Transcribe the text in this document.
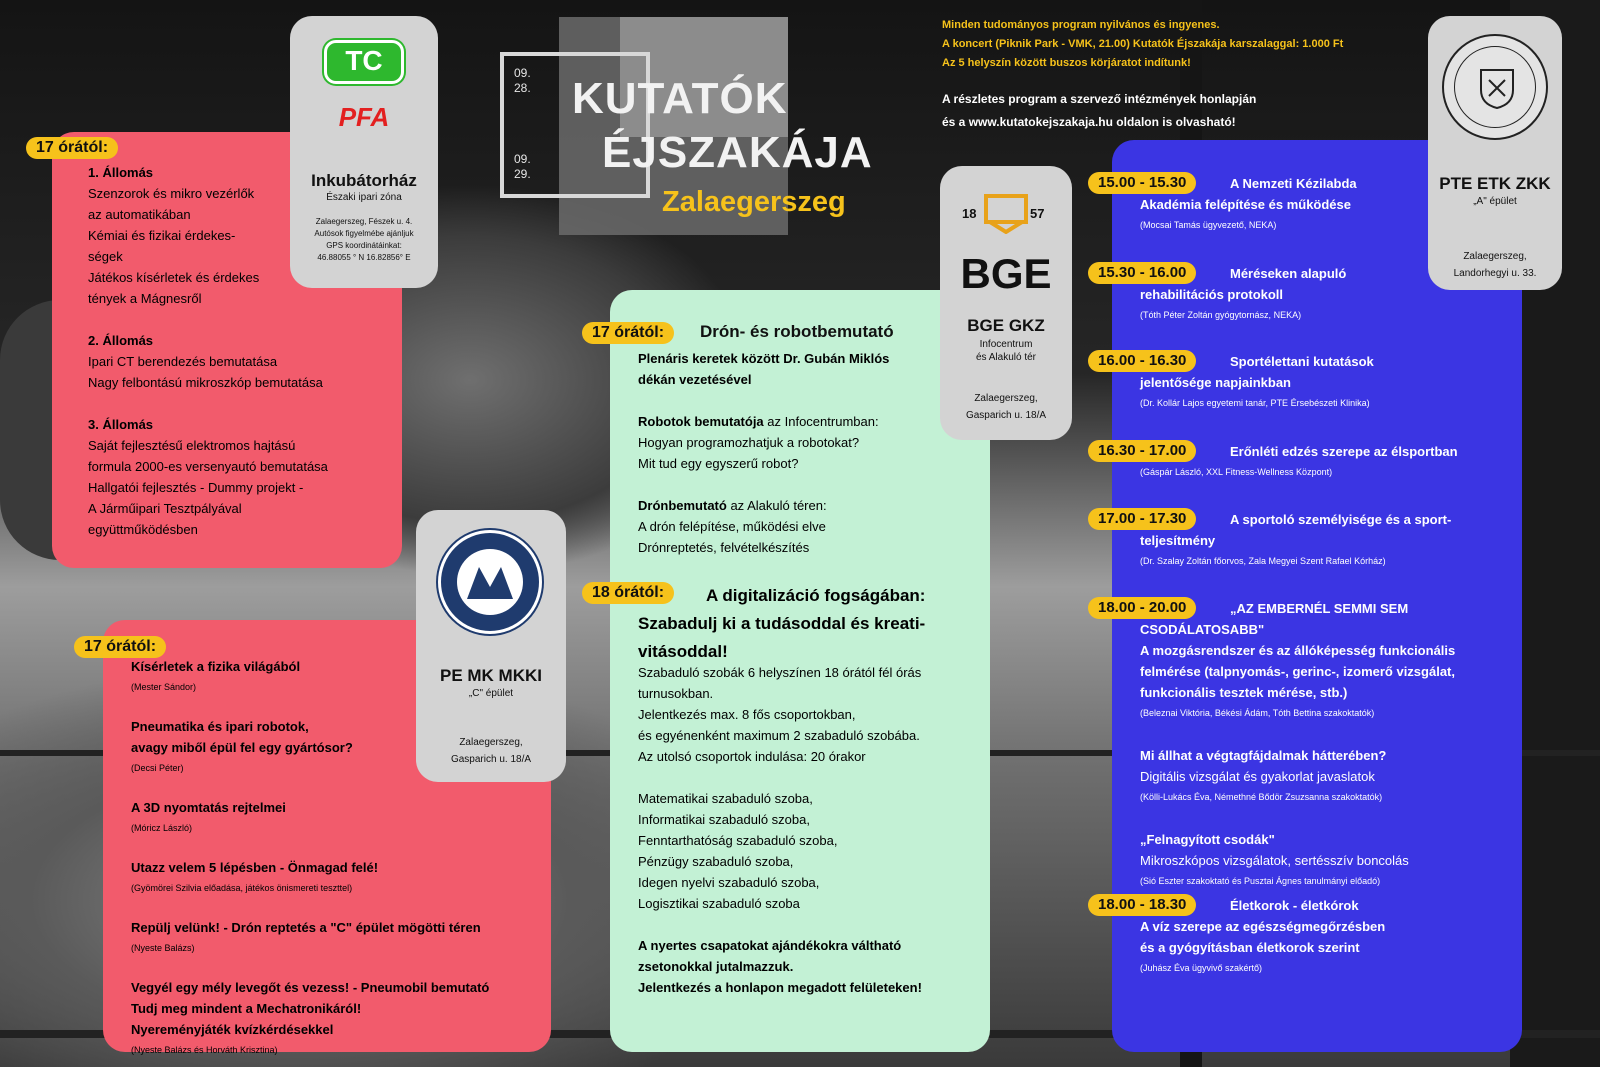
09.
28.
09.
29.
KUTATÓK
ÉJSZAKÁJA
Zalaegerszeg
Minden tudományos program nyilvános és ingyenes.
A koncert (Piknik Park - VMK, 21.00) Kutatók Éjszakája karszalaggal: 1.000 Ft
Az 5 helyszín között buszos körjáratot indítunk!
A részletes program a szervező intézmények honlapján
és a www.kutatokejszakaja.hu oldalon is olvasható!
17 órától:
1. Állomás
Szenzorok és mikro vezérlők
az automatikában
Kémiai és fizikai érdekes-
ségek
Játékos kísérletek és érdekes
tények a Mágnesről
2. Állomás
Ipari CT berendezés bemutatása
Nagy felbontású mikroszkóp bemutatása
3. Állomás
Saját fejlesztésű elektromos hajtású
formula 2000-es versenyautó bemutatása
Hallgatói fejlesztés - Dummy projekt -
A Járműipari Tesztpályával
együttműködésben
TC
PFA
Inkubátorház
Északi ipari zóna
Zalaegerszeg, Fészek u. 4.
Autósok figyelmébe ajánljuk
GPS koordinátáinkat:
46.88055 ° N 16.82856° E
17 órától:
Kísérletek a fizika világából
(Mester Sándor)
Pneumatika és ipari robotok,
avagy miből épül fel egy gyártósor?
(Decsi Péter)
A 3D nyomtatás rejtelmei
(Móricz László)
Utazz velem 5 lépésben - Önmagad felé!
(Gyömörei Szilvia előadása, játékos önismereti teszttel)
Repülj velünk! - Drón reptetés a "C" épület mögötti téren
(Nyeste Balázs)
Vegyél egy mély levegőt és vezess! - Pneumobil bemutató
Tudj meg mindent a Mechatronikáról!
Nyereményjáték kvízkérdésekkel
(Nyeste Balázs és Horváth Krisztina)
PE MK MKKI
„C" épület
Zalaegerszeg,
Gasparich u. 18/A
17 órától:	Drón- és robotbemutató
Plenáris keretek között Dr. Gubán Miklós
dékán vezetésével
Robotok bemutatója az Infocentrumban:
Hogyan programozhatjuk a robotokat?
Mit tud egy egyszerű robot?
Drónbemutató az Alakuló téren:
A drón felépítése, működési elve
Drónreptetés, felvételkészítés
18 órától:	A digitalizáció fogságában:
Szabadulj ki a tudásoddal és kreati-
vitásoddal!
Szabaduló szobák 6 helyszínen 18 órától fél órás
turnusokban.
Jelentkezés max. 8 fős csoportokban,
és egyénenként maximum 2 szabaduló szobába.
Az utolsó csoportok indulása: 20 órakor
Matematikai szabaduló szoba,
Informatikai szabaduló szoba,
Fenntarthatóság szabaduló szoba,
Pénzügy szabaduló szoba,
Idegen nyelvi szabaduló szoba,
Logisztikai szabaduló szoba
A nyertes csapatokat ajándékokra váltható
zsetonokkal jutalmazzuk.
Jelentkezés a honlapon megadott felületeken!
18	57
BGE
BGE GKZ
Infocentrum
és Alakuló tér
Zalaegerszeg,
Gasparich u. 18/A
15.00 - 15.30	A Nemzeti Kézilabda
Akadémia felépítése és működése
(Mocsai Tamás ügyvezető, NEKA)
15.30 - 16.00	Méréseken alapuló
rehabilitációs protokoll
(Tóth Péter Zoltán gyógytornász, NEKA)
16.00 - 16.30	Sportélettani kutatások
jelentősége napjainkban
(Dr. Kollár Lajos egyetemi tanár, PTE Érsebészeti Klinika)
16.30 - 17.00	Erőnléti edzés szerepe az élsportban
(Gáspár László, XXL Fitness-Wellness Központ)
17.00 - 17.30	A sportoló személyisége és a sport-
teljesítmény
(Dr. Szalay Zoltán főorvos, Zala Megyei Szent Rafael Kórház)
18.00 - 20.00	„AZ EMBERNÉL SEMMI SEM
CSODÁLATOSABB"
A mozgásrendszer és az állóképesség funkcionális
felmérése (talpnyomás-, gerinc-, izomerő vizsgálat,
funkcionális tesztek mérése, stb.)
(Beleznai Viktória, Békési Ádám, Tóth Bettina szakoktatók)
Mi állhat a végtagfájdalmak hátterében?
Digitális vizsgálat és gyakorlat javaslatok
(Kölli-Lukács Éva, Némethné Bődör Zsuzsanna szakoktatók)
„Felnagyított csodák"
Mikroszkópos vizsgálatok, sertésszív boncolás
(Sió Eszter szakoktató és Pusztai Ágnes tanulmányi előadó)
18.00 - 18.30	Életkorok - életkórok
A víz szerepe az egészségmegőrzésben
és a gyógyításban életkorok szerint
(Juhász Éva ügyvivő szakértő)
PTE ETK ZKK
„A" épület
Zalaegerszeg,
Landorhegyi u. 33.
